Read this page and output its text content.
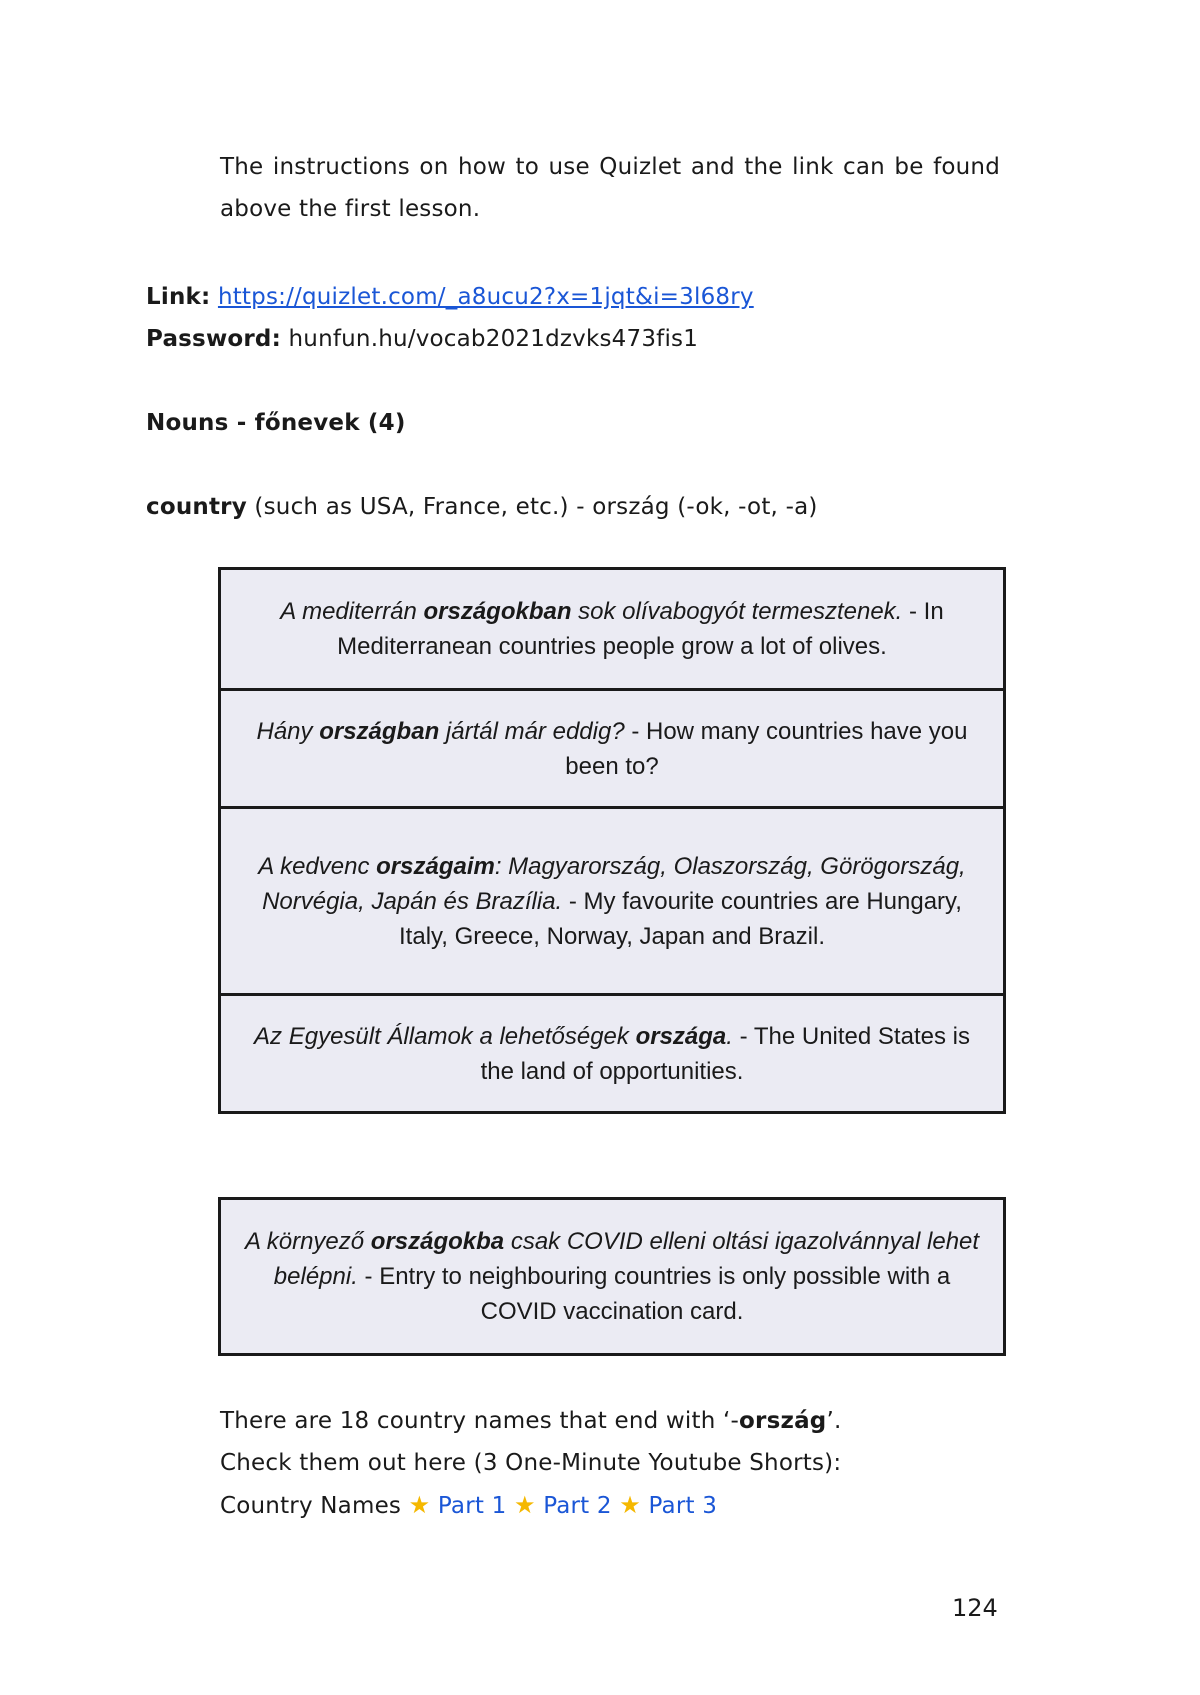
The instructions on how to use Quizlet and the link can be found above the first lesson.
Link: https://quizlet.com/_a8ucu2?x=1jqt&i=3l68ry
Password: hunfun.hu/vocab2021dzvks473fis1
Nouns - főnevek (4)
country (such as USA, France, etc.) - ország (-ok, -ot, -a)

A mediterrán országokban sok olívabogyót termesztenek. - In Mediterranean countries people grow a lot of olives.

Hány országban jártál már eddig? - How many countries have you been to?

A kedvenc országaim: Magyarország, Olaszország, Görögország, Norvégia, Japán és Brazília. - My favourite countries are Hungary, Italy, Greece, Norway, Japan and Brazil.

Az Egyesült Államok a lehetőségek országa. - The United States is the land of opportunities.

A környező országokba csak COVID elleni oltási igazolvánnyal lehet belépni. - Entry to neighbouring countries is only possible with a COVID vaccination card.

There are 18 country names that end with ‘-ország’.
Check them out here (3 One-Minute Youtube Shorts):
Country Names ★ Part 1 ★ Part 2 ★ Part 3
124
